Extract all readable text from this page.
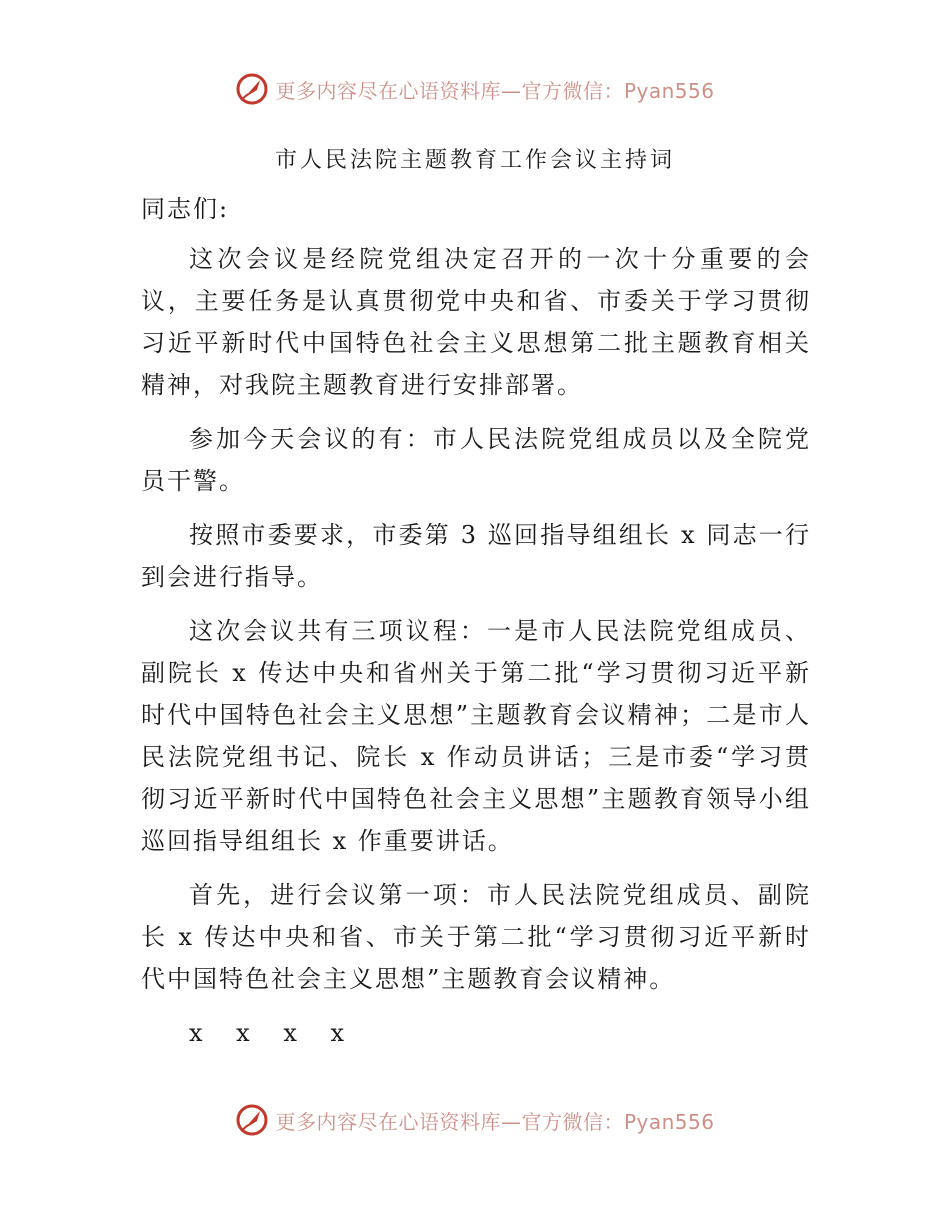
更多内容尽在心语资料库—官方微信：Pyan556
市人民法院主题教育工作会议主持词

同志们:

这次会议是经院党组决定召开的一次十分重要的会议，主要任务是认真贯彻党中央和省、市委关于学习贯彻习近平新时代中国特色社会主义思想第二批主题教育相关精神，对我院主题教育进行安排部署。

参加今天会议的有：市人民法院党组成员以及全院党员干警。

按照市委要求，市委第 3 巡回指导组组长 x 同志一行到会进行指导。

这次会议共有三项议程：一是市人民法院党组成员、副院长 x 传达中央和省州关于第二批“学习贯彻习近平新时代中国特色社会主义思想”主题教育会议精神；二是市人民法院党组书记、院长 x 作动员讲话；三是市委“学习贯彻习近平新时代中国特色社会主义思想”主题教育领导小组巡回指导组组长 x 作重要讲话。

首先，进行会议第一项：市人民法院党组成员、副院长 x 传达中央和省、市关于第二批“学习贯彻习近平新时代中国特色社会主义思想”主题教育会议精神。

x x x x

更多内容尽在心语资料库—官方微信：Pyan556
